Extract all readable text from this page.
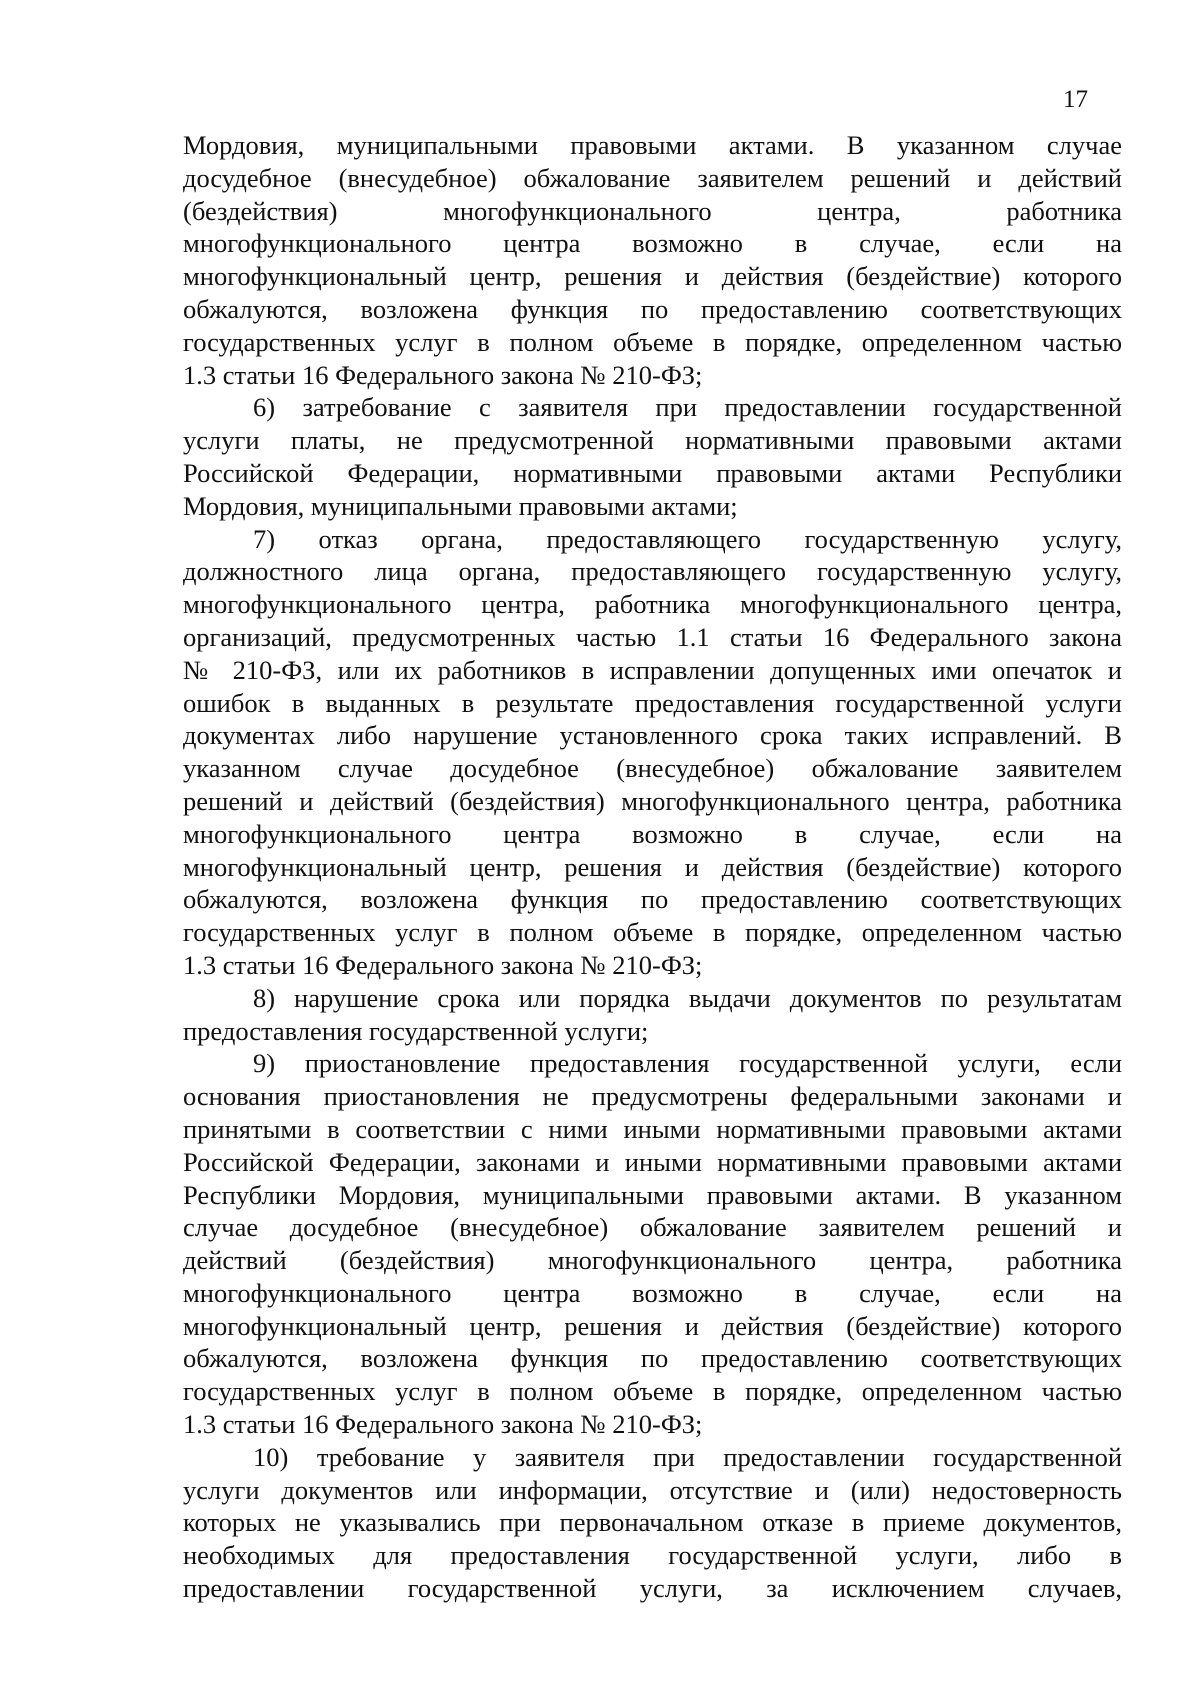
17
Мордовия, муниципальными правовыми актами. В указанном случае
досудебное (внесудебное) обжалование заявителем решений и действий
(бездействия) многофункционального центра, работника
многофункционального центра возможно в случае, если на
многофункциональный центр, решения и действия (бездействие) которого
обжалуются, возложена функция по предоставлению соответствующих
государственных услуг в полном объеме в порядке, определенном частью
1.3 статьи 16 Федерального закона № 210-ФЗ;
6) затребование с заявителя при предоставлении государственной
услуги платы, не предусмотренной нормативными правовыми актами
Российской Федерации, нормативными правовыми актами Республики
Мордовия, муниципальными правовыми актами;
7) отказ органа, предоставляющего государственную услугу,
должностного лица органа, предоставляющего государственную услугу,
многофункционального центра, работника многофункционального центра,
организаций, предусмотренных частью 1.1 статьи 16 Федерального закона
№ 210-ФЗ, или их работников в исправлении допущенных ими опечаток и
ошибок в выданных в результате предоставления государственной услуги
документах либо нарушение установленного срока таких исправлений. В
указанном случае досудебное (внесудебное) обжалование заявителем
решений и действий (бездействия) многофункционального центра, работника
многофункционального центра возможно в случае, если на
многофункциональный центр, решения и действия (бездействие) которого
обжалуются, возложена функция по предоставлению соответствующих
государственных услуг в полном объеме в порядке, определенном частью
1.3 статьи 16 Федерального закона № 210-ФЗ;
8) нарушение срока или порядка выдачи документов по результатам
предоставления государственной услуги;
9) приостановление предоставления государственной услуги, если
основания приостановления не предусмотрены федеральными законами и
принятыми в соответствии с ними иными нормативными правовыми актами
Российской Федерации, законами и иными нормативными правовыми актами
Республики Мордовия, муниципальными правовыми актами. В указанном
случае досудебное (внесудебное) обжалование заявителем решений и
действий (бездействия) многофункционального центра, работника
многофункционального центра возможно в случае, если на
многофункциональный центр, решения и действия (бездействие) которого
обжалуются, возложена функция по предоставлению соответствующих
государственных услуг в полном объеме в порядке, определенном частью
1.3 статьи 16 Федерального закона № 210-ФЗ;
10) требование у заявителя при предоставлении государственной
услуги документов или информации, отсутствие и (или) недостоверность
которых не указывались при первоначальном отказе в приеме документов,
необходимых для предоставления государственной услуги, либо в
предоставлении государственной услуги, за исключением случаев,
